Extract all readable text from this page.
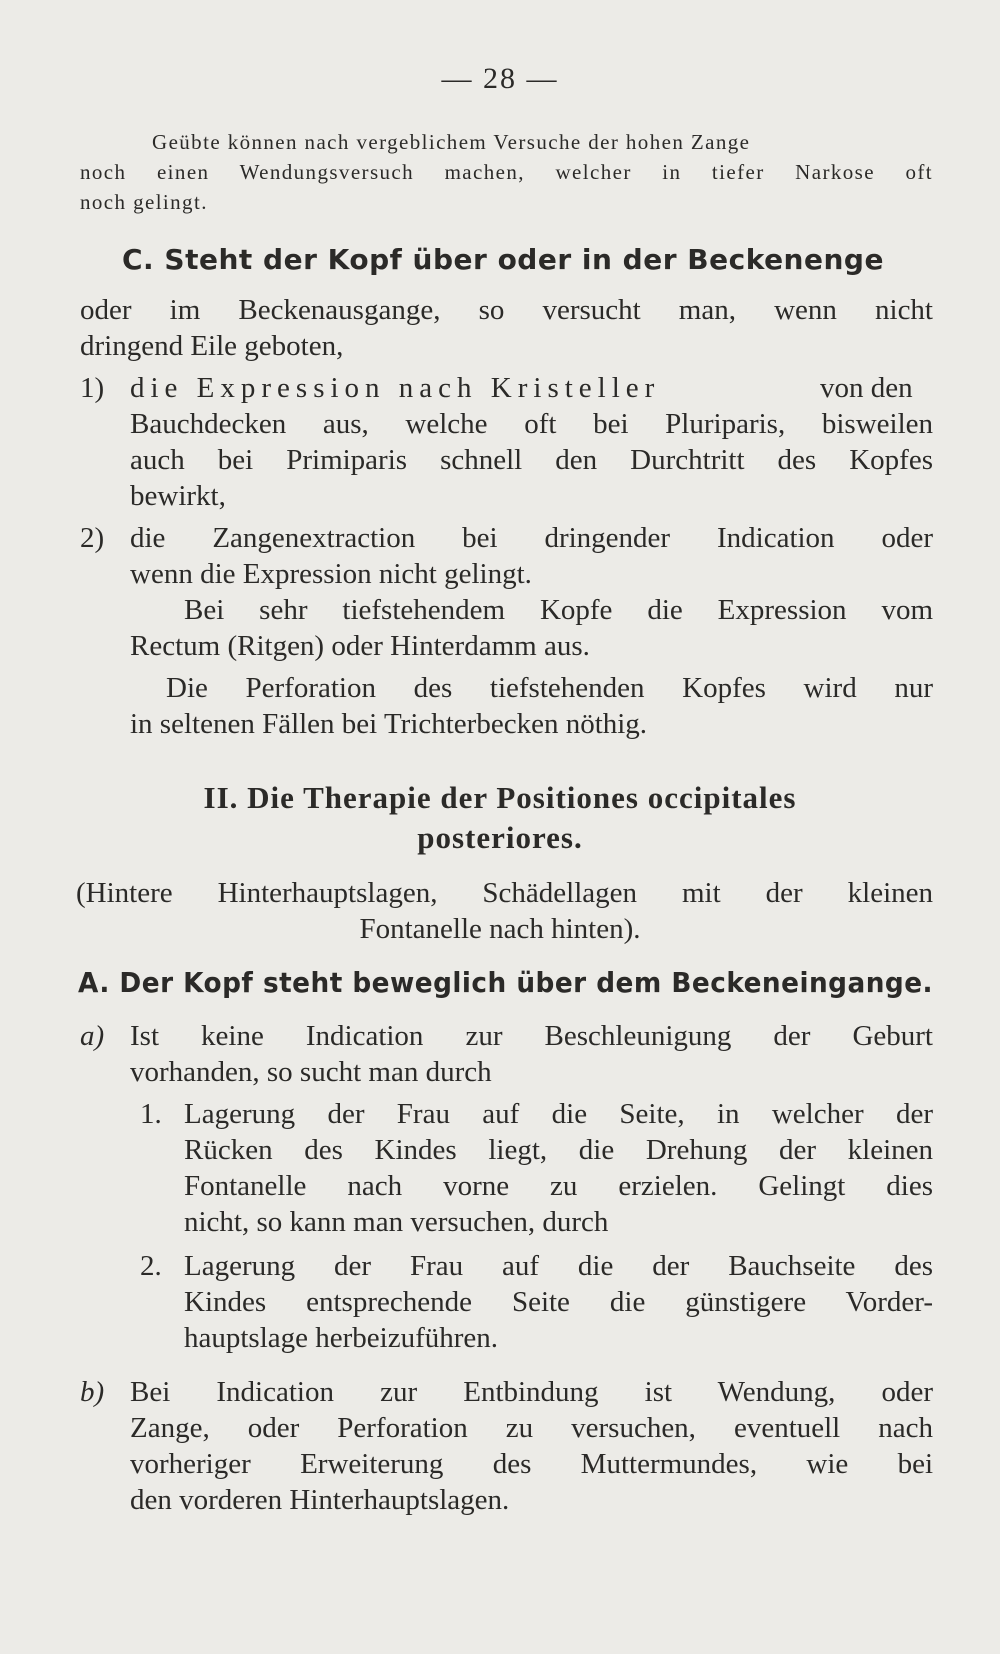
— 28 —
Geübte können nach vergeblichem Versuche der hohen Zange
noch einen Wendungsversuch machen, welcher in tiefer Narkose oft
noch gelingt.
C. Steht der Kopf über oder in der Beckenenge
oder im Beckenausgange, so versucht man, wenn nicht
dringend Eile geboten,
1) die Expression nach Kristeller	von den
Bauchdecken aus, welche oft bei Pluriparis, bisweilen
auch bei Primiparis schnell den Durchtritt des Kopfes
bewirkt,
2) die Zangenextraction bei dringender Indication oder
wenn die Expression nicht gelingt.
Bei sehr tiefstehendem Kopfe die Expression vom
Rectum (Ritgen) oder Hinterdamm aus.
Die Perforation des tiefstehenden Kopfes wird nur
in seltenen Fällen bei Trichterbecken nöthig.
II. Die Therapie der Positiones occipitales
posteriores.
(Hintere Hinterhauptslagen, Schädellagen mit der kleinen
Fontanelle nach hinten).
A. Der Kopf steht beweglich über dem Beckeneingange.
a) Ist keine Indication zur Beschleunigung der Geburt
vorhanden, so sucht man durch
1. Lagerung der Frau auf die Seite, in welcher der
Rücken des Kindes liegt, die Drehung der kleinen
Fontanelle nach vorne zu erzielen. Gelingt dies
nicht, so kann man versuchen, durch
2. Lagerung der Frau auf die der Bauchseite des
Kindes entsprechende Seite die günstigere Vorder-
hauptslage herbeizuführen.
b) Bei Indication zur Entbindung ist Wendung, oder
Zange, oder Perforation zu versuchen, eventuell nach
vorheriger Erweiterung des Muttermundes, wie bei
den vorderen Hinterhauptslagen.
